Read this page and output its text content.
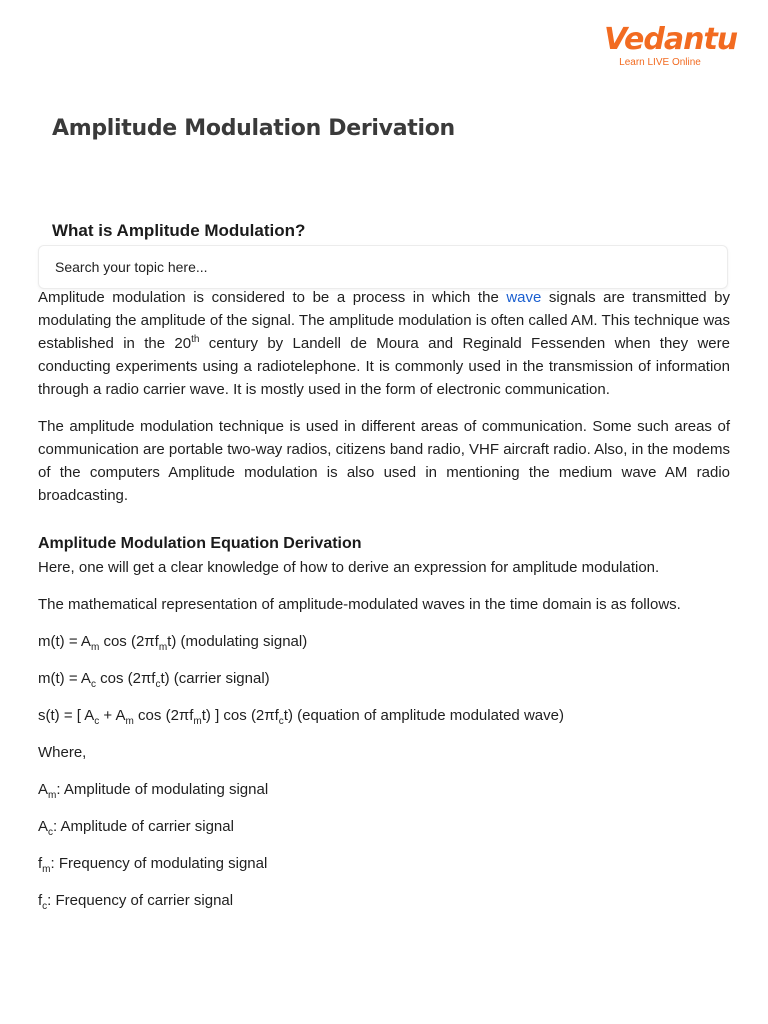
Vedantu
Learn LIVE Online
Amplitude Modulation Derivation
What is Amplitude Modulation?
Search your topic here...

Amplitude modulation is considered to be a process in which the wave signals are transmitted by modulating the amplitude of the signal. The amplitude modulation is often called AM. This technique was established in the 20th century by Landell de Moura and Reginald Fessenden when they were conducting experiments using a radiotelephone. It is commonly used in the transmission of information through a radio carrier wave. It is mostly used in the form of electronic communication.

The amplitude modulation technique is used in different areas of communication. Some such areas of communication are portable two-way radios, citizens band radio, VHF aircraft radio. Also, in the modems of the computers Amplitude modulation is also used in mentioning the medium wave AM radio broadcasting.

Amplitude Modulation Equation Derivation

Here, one will get a clear knowledge of how to derive an expression for amplitude modulation.

The mathematical representation of amplitude-modulated waves in the time domain is as follows.

$m(t) = A_m$ $\cos (2\pi f_mt)$ (modulating signal)

$m(t) = A_c$ $\cos (2\pi f_ct)$ (carrier signal)

s(t) = [ $A_c + A_m$ $\cos (2\pi f_mt)$ ] $\cos (2\pi f_ct)$ (equation of amplitude modulated wave)

Where,

$A_m$: Amplitude of modulating signal

$A_c$: Amplitude of carrier signal

$f_m$: Frequency of modulating signal

$f_c$: Frequency of carrier signal
